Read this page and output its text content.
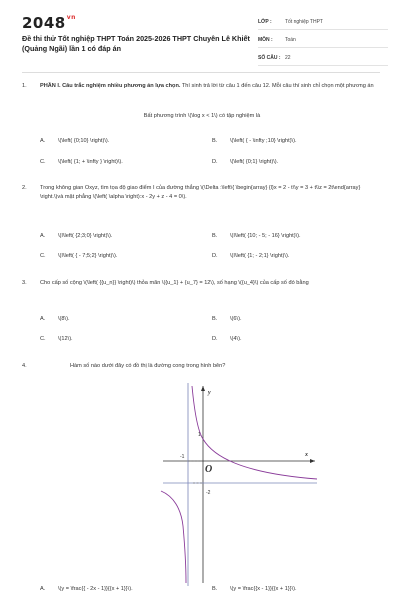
$2048^{vn}$
Đề thi thử Tốt nghiệp THPT Toán 2025-2026 THPT Chuyên Lê Khiết (Quảng Ngãi) lần 1 có đáp án
LỚP :	Tốt nghiệp THPT
MÔN : Toán
SỐ CÂU : 22
1. PHẦN I. Câu trắc nghiệm nhiều phương án lựa chọn. Thí sinh trả lời từ câu 1 đến câu 12. Mỗi câu thí sinh chỉ chọn một phương án
Bất phương trình \(\log x < 1\) có tập nghiệm là
A. \(\left( {0;10} \right)\).	B. \(\left( { - \infty ;10} \right)\).
C. \(\left( {1; + \infty } \right)\).	D. \(\left( {0;1} \right)\).
2. Trong không gian Oxyz, tìm tọa độ giao điểm I của đường thẳng \(\Delta :\left\{ \begin{array} {l}x = 2 - t\\y = 3 + t\\z = 2t\end{array} \right.\)và mặt phẳng \(\left( \alpha \right):x - 2y + z - 4 = 0\).
A. \(I\left( {2;3;0} \right)\).	B. \(I\left( {10; - 5; - 16} \right)\).
C. \(I\left( { - 7;5;2} \right)\).	D. \(I\left( {1; - 2;1} \right)\).
3. Cho cấp số cộng \(\left( {{u_n}} \right)\) thỏa mãn \({u_1} + {u_7} = 12\), số hạng \({u_4}\) của cấp số đó bằng
A. \(8\).	B. \(6\).
C. \(12\).	D. \(4\).
4.	Hàm số nào dưới đây có đồ thị là đường cong trong hình bên?
x
y
O
-1
1
-2
A. \(y = \frac{{ - 2x - 1}}{{x + 1}}\).	B. \(y = \frac{{x - 1}}{{x + 1}}\).
